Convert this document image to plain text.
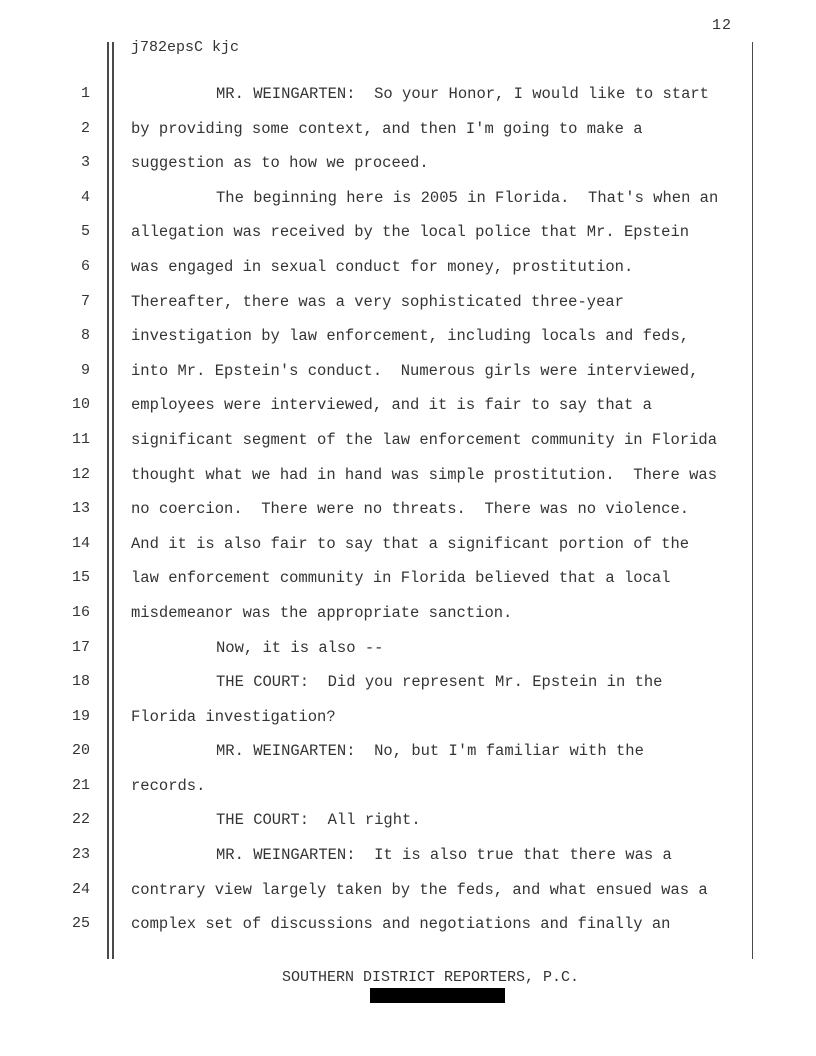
12
j782epsC kjc
1	MR. WEINGARTEN:  So your Honor, I would like to start
2	by providing some context, and then I'm going to make a
3	suggestion as to how we proceed.
4	The beginning here is 2005 in Florida.  That's when an
5	allegation was received by the local police that Mr. Epstein
6	was engaged in sexual conduct for money, prostitution.
7	Thereafter, there was a very sophisticated three-year
8	investigation by law enforcement, including locals and feds,
9	into Mr. Epstein's conduct.  Numerous girls were interviewed,
10	employees were interviewed, and it is fair to say that a
11	significant segment of the law enforcement community in Florida
12	thought what we had in hand was simple prostitution.  There was
13	no coercion.  There were no threats.  There was no violence.
14	And it is also fair to say that a significant portion of the
15	law enforcement community in Florida believed that a local
16	misdemeanor was the appropriate sanction.
17	Now, it is also --
18	THE COURT:  Did you represent Mr. Epstein in the
19	Florida investigation?
20	MR. WEINGARTEN:  No, but I'm familiar with the
21	records.
22	THE COURT:  All right.
23	MR. WEINGARTEN:  It is also true that there was a
24	contrary view largely taken by the feds, and what ensued was a
25	complex set of discussions and negotiations and finally an
SOUTHERN DISTRICT REPORTERS, P.C.
